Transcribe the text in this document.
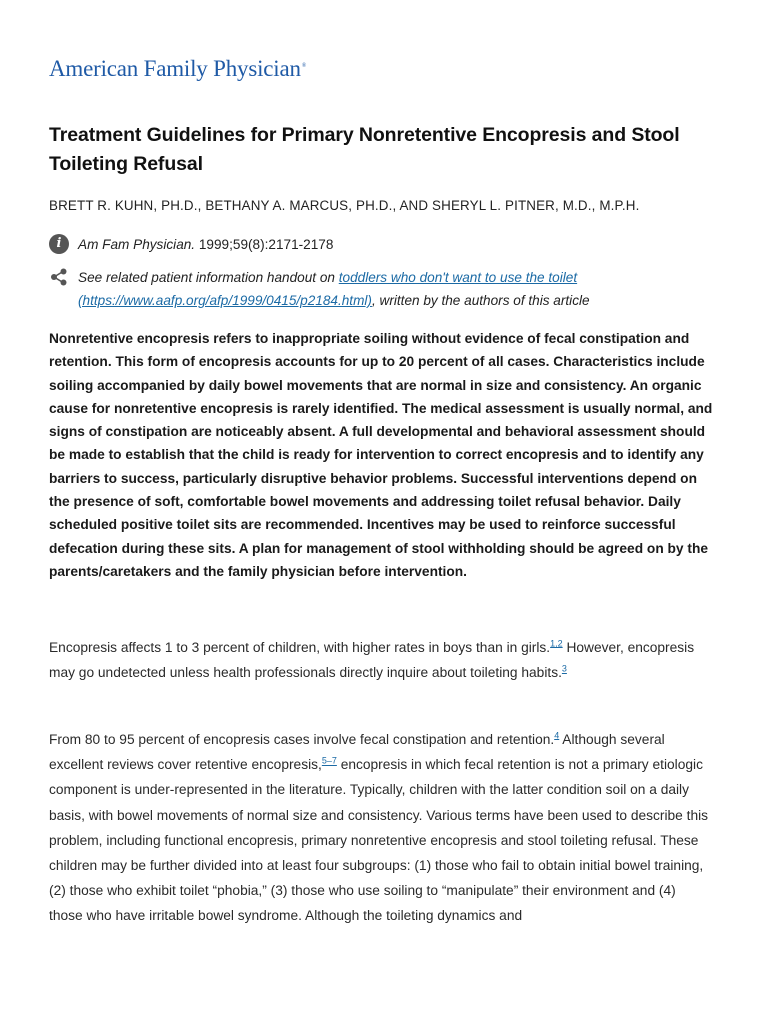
American Family Physician®
Treatment Guidelines for Primary Nonretentive Encopresis and Stool Toileting Refusal
BRETT R. KUHN, PH.D., BETHANY A. MARCUS, PH.D., AND SHERYL L. PITNER, M.D., M.P.H.
i	Am Fam Physician. 1999;59(8):2171-2178
See related patient information handout on toddlers who don't want to use the toilet
(https://www.aafp.org/afp/1999/0415/p2184.html), written by the authors of this article

Nonretentive encopresis refers to inappropriate soiling without evidence of fecal constipation and retention. This form of encopresis accounts for up to 20 percent of all cases. Characteristics include soiling accompanied by daily bowel movements that are normal in size and consistency. An organic cause for nonretentive encopresis is rarely identified. The medical assessment is usually normal, and signs of constipation are noticeably absent. A full developmental and behavioral assessment should be made to establish that the child is ready for intervention to correct encopresis and to identify any barriers to success, particularly disruptive behavior problems. Successful interventions depend on the presence of soft, comfortable bowel movements and addressing toilet refusal behavior. Daily scheduled positive toilet sits are recommended. Incentives may be used to reinforce successful defecation during these sits. A plan for management of stool withholding should be agreed on by the parents/caretakers and the family physician before intervention.

Encopresis affects 1 to 3 percent of children, with higher rates in boys than in girls.$^{1,2}$ However, encopresis may go undetected unless health professionals directly inquire about toileting habits.$^3$

From 80 to 95 percent of encopresis cases involve fecal constipation and retention.$^4$ Although several excellent reviews cover retentive encopresis,$^{5-7}$ encopresis in which fecal retention is not a primary etiologic component is under-represented in the literature. Typically, children with the latter condition soil on a daily basis, with bowel movements of normal size and consistency. Various terms have been used to describe this problem, including functional encopresis, primary nonretentive encopresis and stool toileting refusal. These children may be further divided into at least four subgroups: (1) those who fail to obtain initial bowel training, (2) those who exhibit toilet “phobia,” (3) those who use soiling to “manipulate” their environment and (4) those who have irritable bowel syndrome. Although the toileting dynamics and
